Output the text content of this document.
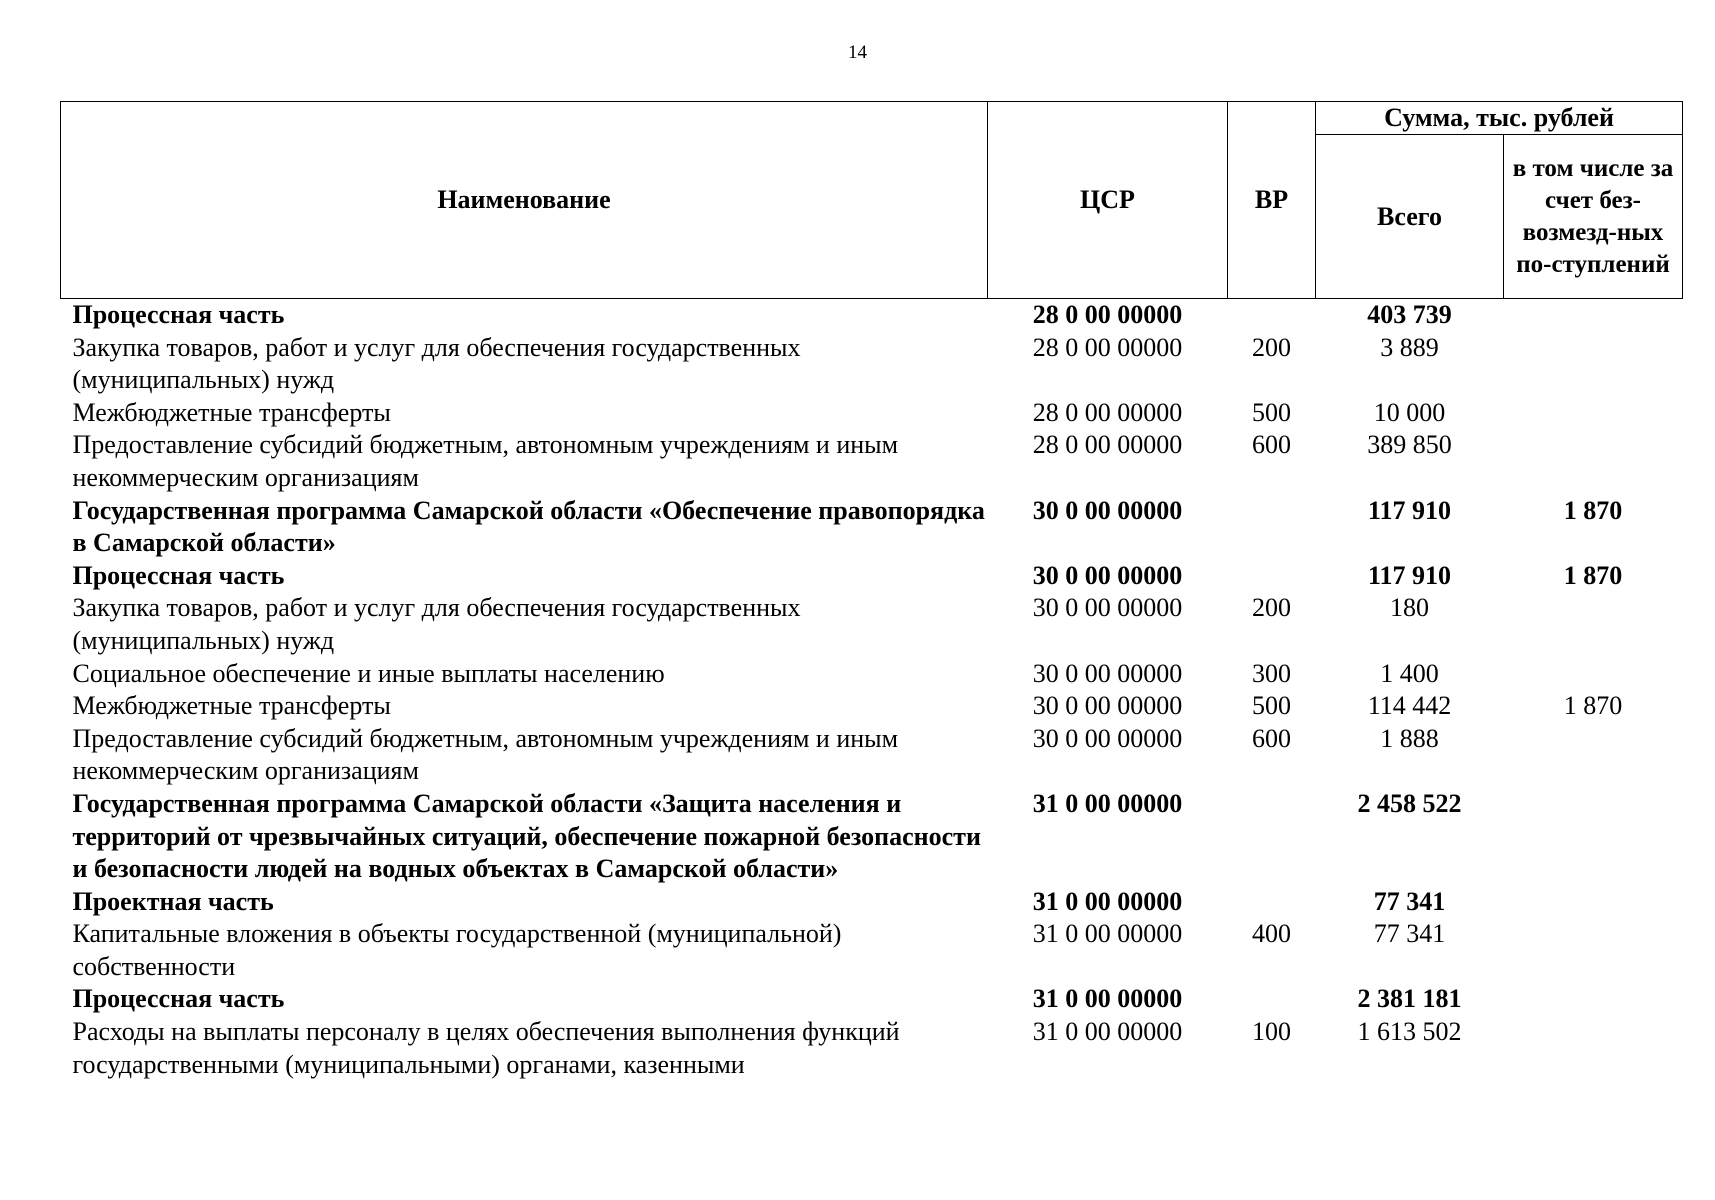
14
Наименование	ЦСР	ВР	Сумма, тыс. рублей	
			Всего	в том числе за счет без-возмезд-ных по-ступлений
Процессная часть	28 0 00 00000		403 739	
Закупка товаров, работ и услуг для обеспечения государственных (муниципальных) нужд	28 0 00 00000	200	3 889	
Межбюджетные трансферты	28 0 00 00000	500	10 000	
Предоставление субсидий бюджетным, автономным учреждениям и иным некоммерческим организациям	28 0 00 00000	600	389 850	
Государственная программа Самарской области «Обеспечение правопорядка в Самарской области»	30 0 00 00000		117 910	1 870
Процессная часть	30 0 00 00000		117 910	1 870
Закупка товаров, работ и услуг для обеспечения государственных (муниципальных) нужд	30 0 00 00000	200	180	
Социальное обеспечение и иные выплаты населению	30 0 00 00000	300	1 400	
Межбюджетные трансферты	30 0 00 00000	500	114 442	1 870
Предоставление субсидий бюджетным, автономным учреждениям и иным некоммерческим организациям	30 0 00 00000	600	1 888	
Государственная программа Самарской области «Защита населения и территорий от чрезвычайных ситуаций, обеспечение пожарной безопасности и безопасности людей на водных объектах в Самарской области»	31 0 00 00000		2 458 522	
Проектная часть	31 0 00 00000		77 341	
Капитальные вложения в объекты государственной (муниципальной) собственности	31 0 00 00000	400	77 341	
Процессная часть	31 0 00 00000		2 381 181	
Расходы на выплаты персоналу в целях обеспечения выполнения функций государственными (муниципальными) органами, казенными	31 0 00 00000	100	1 613 502	
